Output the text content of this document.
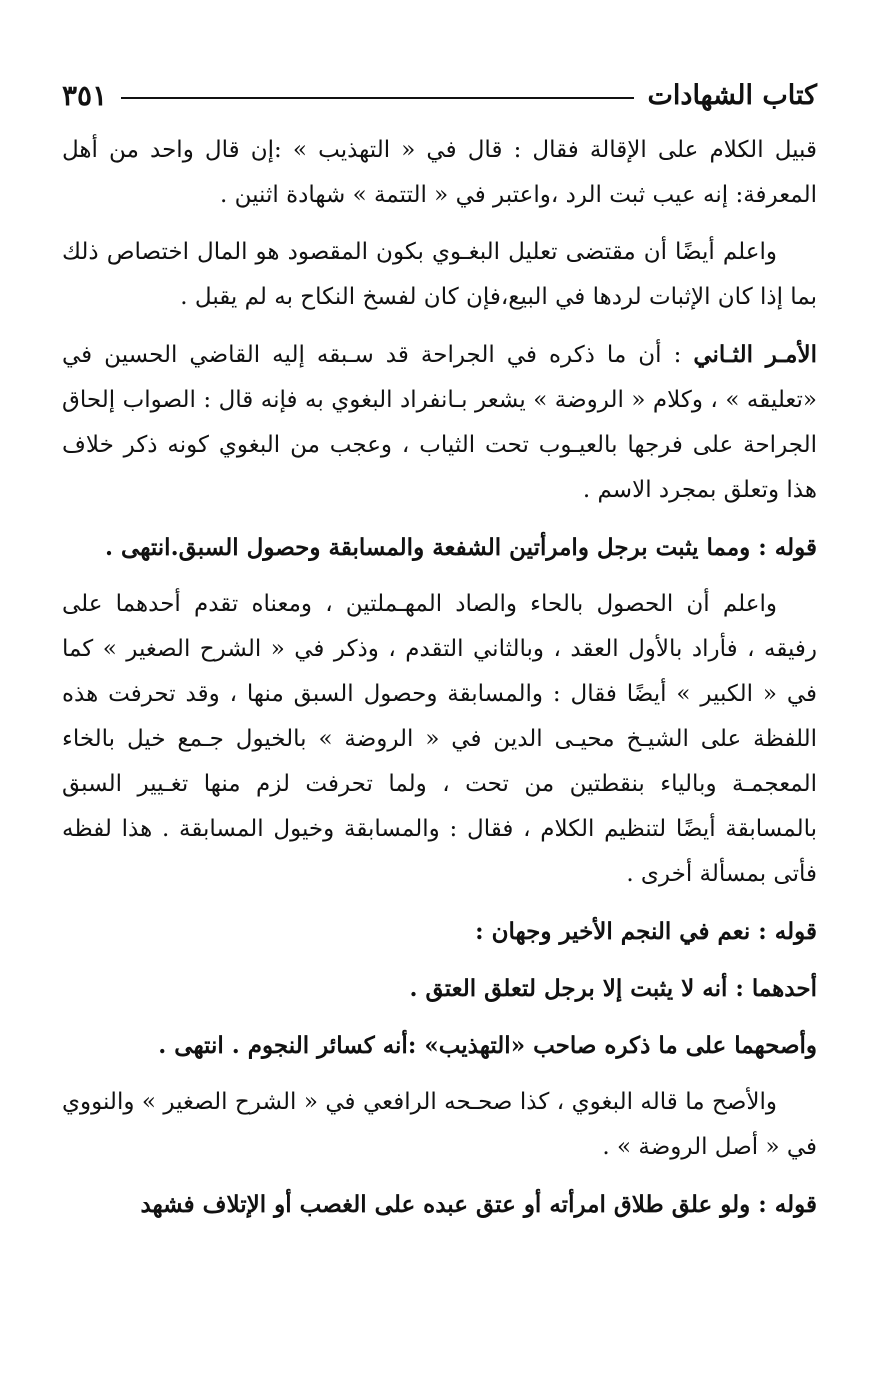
كتاب الشهادات
٣٥١

قبيل الكلام على الإقالة فقال : قال في « التهذيب » :إن قال واحد من أهل المعرفة: إنه عيب ثبت الرد ،واعتبر في « التتمة » شهادة اثنين .

واعلم أيضًا أن مقتضى تعليل البغـوي بكون المقصود هو المال اختصاص ذلك بما إذا كان الإثبات لردها في البيع،فإن كان لفسخ النكاح به لم يقبل .

الأمـر الثـاني : أن ما ذكره في الجراحة قد سـبقه إليه القاضي الحسين في «تعليقه » ، وكلام « الروضة » يشعر بـانفراد البغوي به فإنه قال : الصواب إلحاق الجراحة على فرجها بالعيـوب تحت الثياب ، وعجب من البغوي كونه ذكر خلاف هذا وتعلق بمجرد الاسم .

قوله : ومما يثبت برجل وامرأتين الشفعة والمسابقة وحصول السبق.انتهى .

واعلم أن الحصول بالحاء والصاد المهـملتين ، ومعناه تقدم أحدهما على رفيقه ، فأراد بالأول العقد ، وبالثاني التقدم ، وذكر في « الشرح الصغير » كما في « الكبير » أيضًا فقال : والمسابقة وحصول السبق منها ، وقد تحرفت هذه اللفظة على الشيـخ محيـى الدين في « الروضة » بالخيول جـمع خيل بالخاء المعجمـة وبالياء بنقطتين من تحت ، ولما تحرفت لزم منها تغـيير السبق بالمسابقة أيضًا لتنظيم الكلام ، فقال : والمسابقة وخيول المسابقة . هذا لفظه فأتى بمسألة أخرى .

قوله : نعم في النجم الأخير وجهان :

أحدهما : أنه لا يثبت إلا برجل لتعلق العتق .

وأصحهما على ما ذكره صاحب «التهذيب» :أنه كسائر النجوم . انتهى .

والأصح ما قاله البغوي ، كذا صحـحه الرافعي في « الشرح الصغير » والنووي في « أصل الروضة » .

قوله : ولو علق طلاق امرأته أو عتق عبده على الغصب أو الإتلاف فشهد
